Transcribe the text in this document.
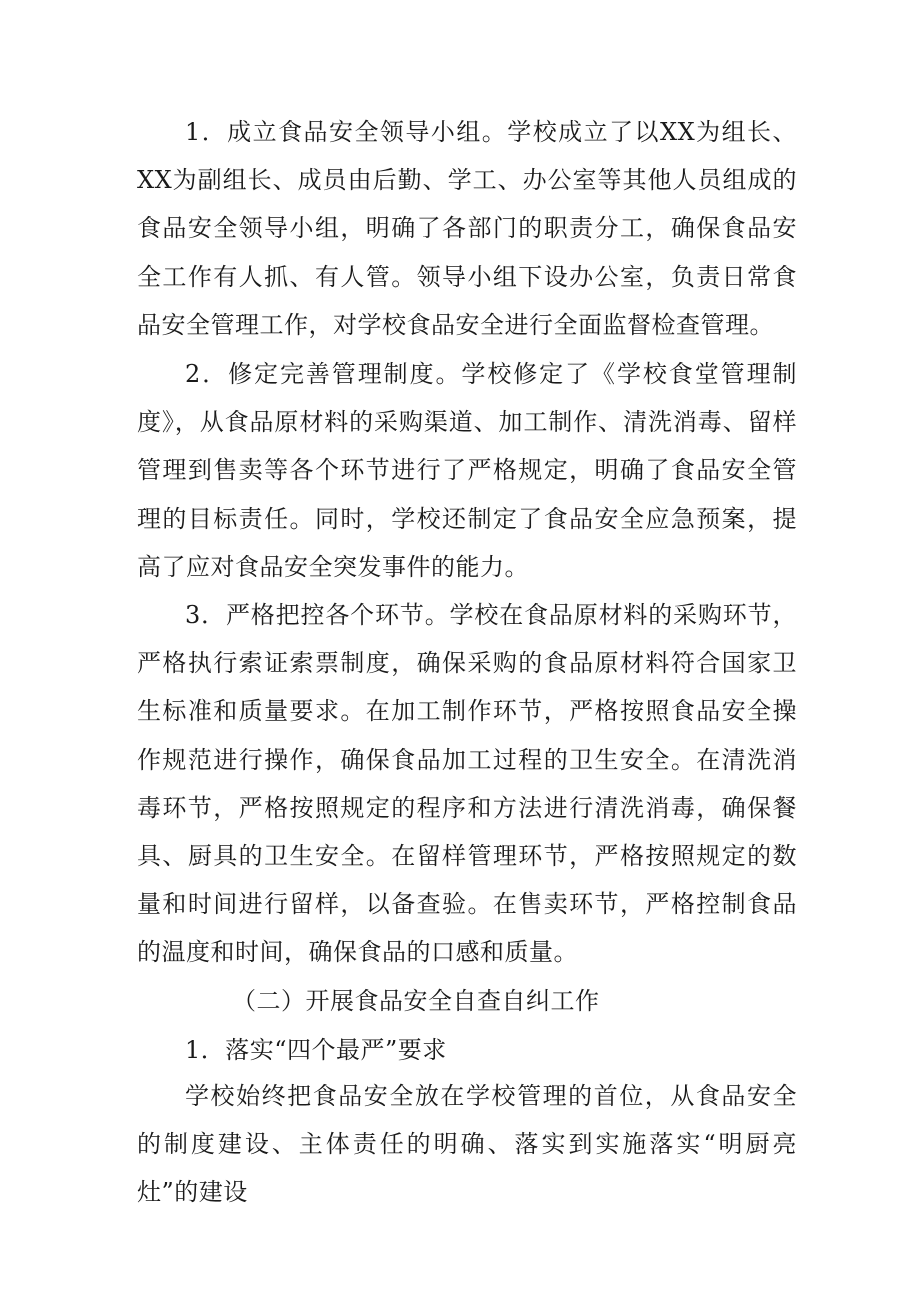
1．成立食品安全领导小组。学校成立了以XX为组长、XX为副组长、成员由后勤、学工、办公室等其他人员组成的食品安全领导小组，明确了各部门的职责分工，确保食品安全工作有人抓、有人管。领导小组下设办公室，负责日常食品安全管理工作，对学校食品安全进行全面监督检查管理。

2．修定完善管理制度。学校修定了《学校食堂管理制度》，从食品原材料的采购渠道、加工制作、清洗消毒、留样管理到售卖等各个环节进行了严格规定，明确了食品安全管理的目标责任。同时，学校还制定了食品安全应急预案，提高了应对食品安全突发事件的能力。

3．严格把控各个环节。学校在食品原材料的采购环节，严格执行索证索票制度，确保采购的食品原材料符合国家卫生标准和质量要求。在加工制作环节，严格按照食品安全操作规范进行操作，确保食品加工过程的卫生安全。在清洗消毒环节，严格按照规定的程序和方法进行清洗消毒，确保餐具、厨具的卫生安全。在留样管理环节，严格按照规定的数量和时间进行留样，以备查验。在售卖环节，严格控制食品的温度和时间，确保食品的口感和质量。

（二）开展食品安全自查自纠工作

1．落实“四个最严”要求

学校始终把食品安全放在学校管理的首位，从食品安全的制度建设、主体责任的明确、落实到实施落实“明厨亮灶”的建设
